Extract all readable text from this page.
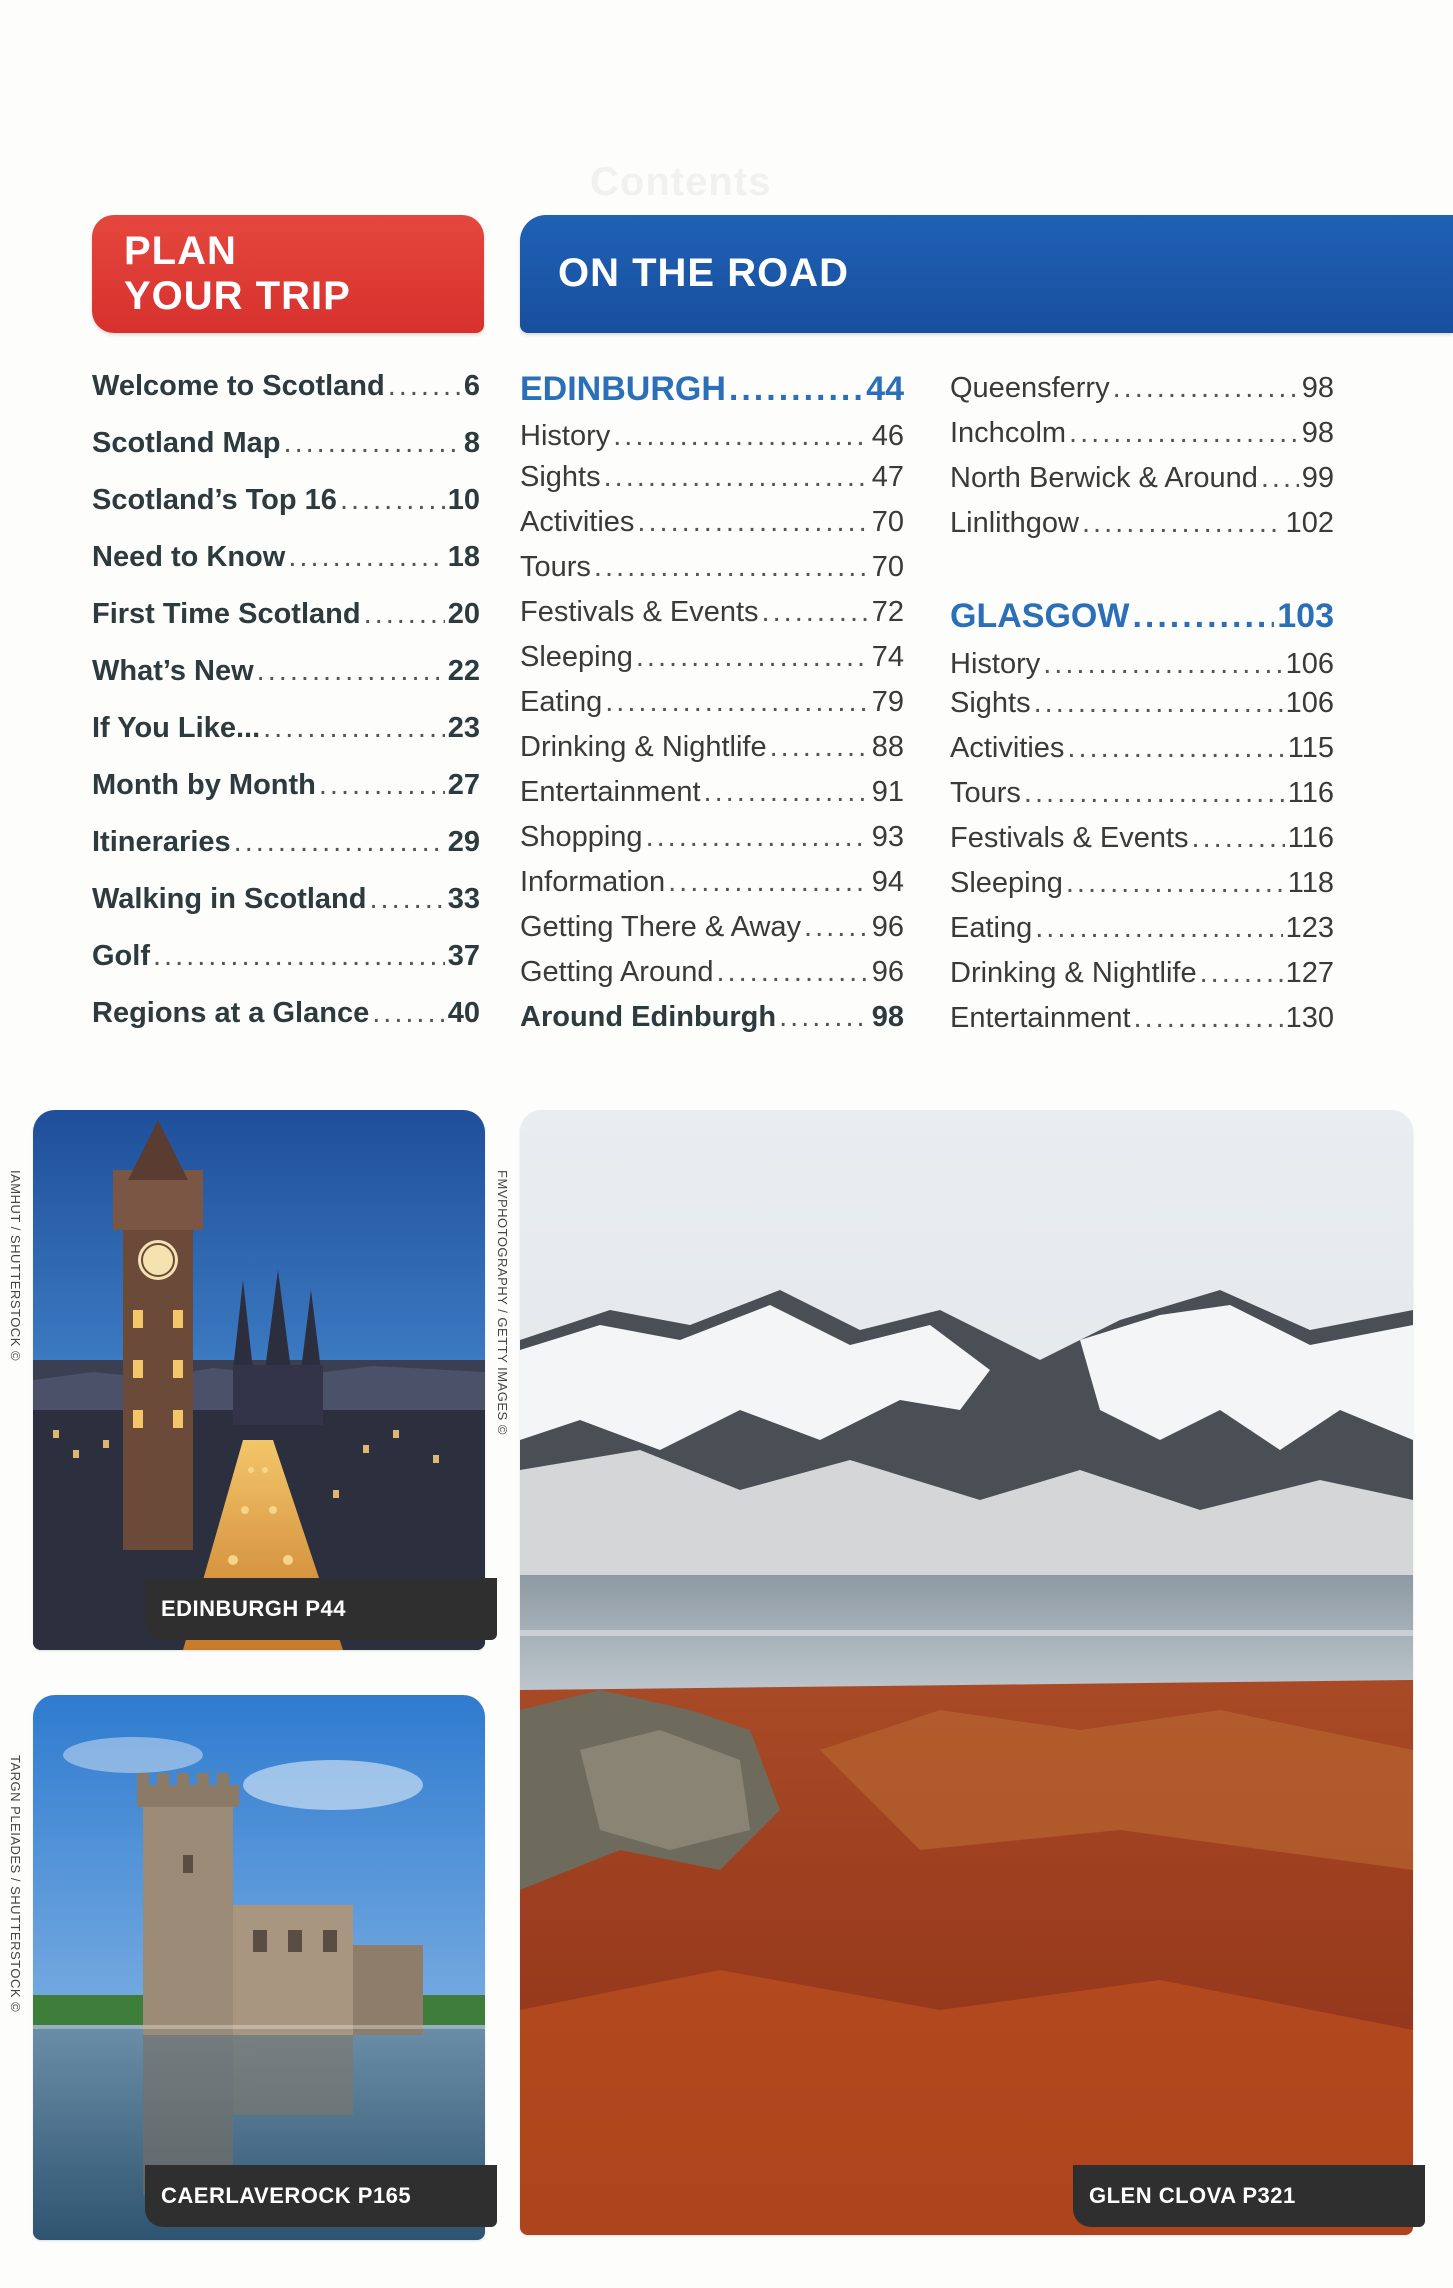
Contents
PLAN
YOUR TRIP
ON THE ROAD
Welcome to Scotland .....	6
Scotland Map .....	8
Scotland’s Top 16 .....	10
Need to Know .....	18
First Time Scotland .....	20
What’s New .....	22
If You Like... .....	23
Month by Month .....	27
Itineraries .....	29
Walking in Scotland .....	33
Golf .....	37
Regions at a Glance .....	40
EDINBURGH .....	44
History .....	46
Sights .....	47
Activities .....	70
Tours .....	70
Festivals & Events .....	72
Sleeping .....	74
Eating .....	79
Drinking & Nightlife .....	88
Entertainment .....	91
Shopping .....	93
Information .....	94
Getting There & Away ..... 96
Getting Around .....	96
Around Edinburgh .....	98
Queensferry .....	98
Inchcolm .....	98
North Berwick & Around ..... 99
Linlithgow .....	102
GLASGOW .....	103
History .....	106
Sights .....	106
Activities .....	115
Tours .....	116
Festivals & Events .....	116
Sleeping .....	118
Eating .....	123
Drinking & Nightlife .....	127
Entertainment .....	130
EDINBURGH P44
IAMHUT / SHUTTERSTOCK ©
CAERLAVEROCK P165
TARGN PLEIADES / SHUTTERSTOCK ©
GLEN CLOVA P321
FMVPHOTOGRAPHY / GETTY IMAGES ©
